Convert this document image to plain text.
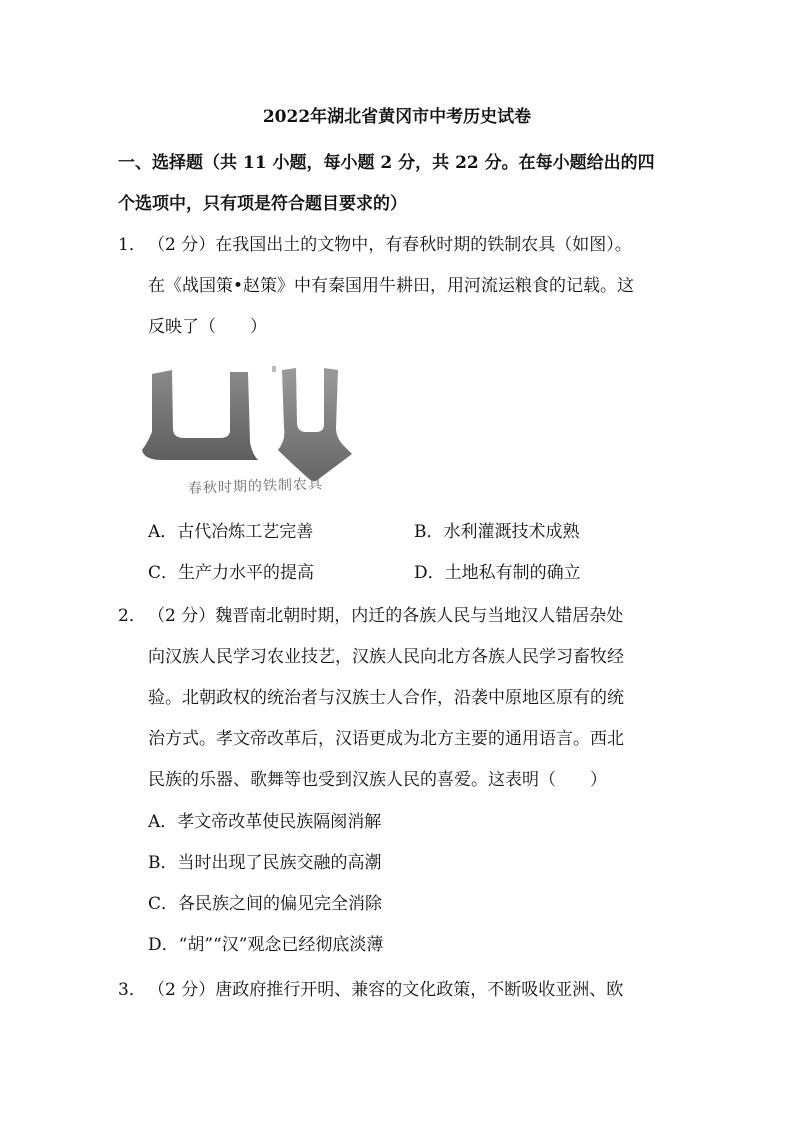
2022年湖北省黄冈市中考历史试卷
一、选择题（共 11 小题，每小题 2 分，共 22 分。在每小题给出的四
个选项中，只有项是符合题目要求的）
1． （2 分）在我国出土的文物中，有春秋时期的铁制农具（如图）。
在《战国策•赵策》中有秦国用牛耕田，用河流运粮食的记载。这
反映了（　　）
春秋时期的铁制农具
A．古代冶炼工艺完善	B．水利灌溉技术成熟
C．生产力水平的提高	D．土地私有制的确立
2． （2 分）魏晋南北朝时期，内迁的各族人民与当地汉人错居杂处
向汉族人民学习农业技艺，汉族人民向北方各族人民学习畜牧经
验。北朝政权的统治者与汉族士人合作，沿袭中原地区原有的统
治方式。孝文帝改革后，汉语更成为北方主要的通用语言。西北
民族的乐器、歌舞等也受到汉族人民的喜爱。这表明（　　）
A．孝文帝改革使民族隔阂消解
B．当时出现了民族交融的高潮
C．各民族之间的偏见完全消除
D．“胡”“汉”观念已经彻底淡薄
3． （2 分）唐政府推行开明、兼容的文化政策，不断吸收亚洲、欧
